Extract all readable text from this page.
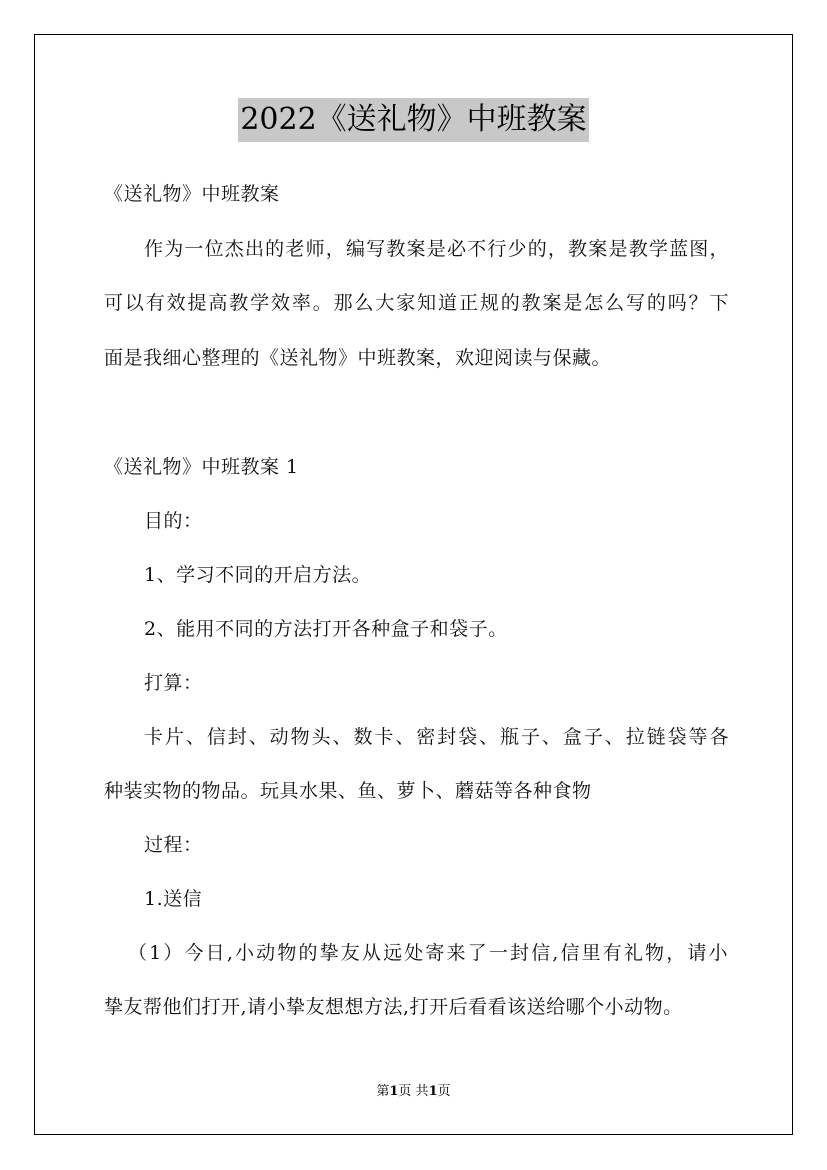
2022《送礼物》中班教案
《送礼物》中班教案
作为一位杰出的老师，编写教案是必不行少的，教案是教学蓝图，
可以有效提高教学效率。那么大家知道正规的教案是怎么写的吗？下
面是我细心整理的《送礼物》中班教案，欢迎阅读与保藏。
《送礼物》中班教案 1
目的：
1、学习不同的开启方法。
2、能用不同的方法打开各种盒子和袋子。
打算：
卡片、信封、动物头、数卡、密封袋、瓶子、盒子、拉链袋等各
种装实物的物品。玩具水果、鱼、萝卜、蘑菇等各种食物
过程：
1.送信
（1）今日,小动物的挚友从远处寄来了一封信,信里有礼物，请小
挚友帮他们打开,请小挚友想想方法,打开后看看该送给哪个小动物。
第1页 共1页
